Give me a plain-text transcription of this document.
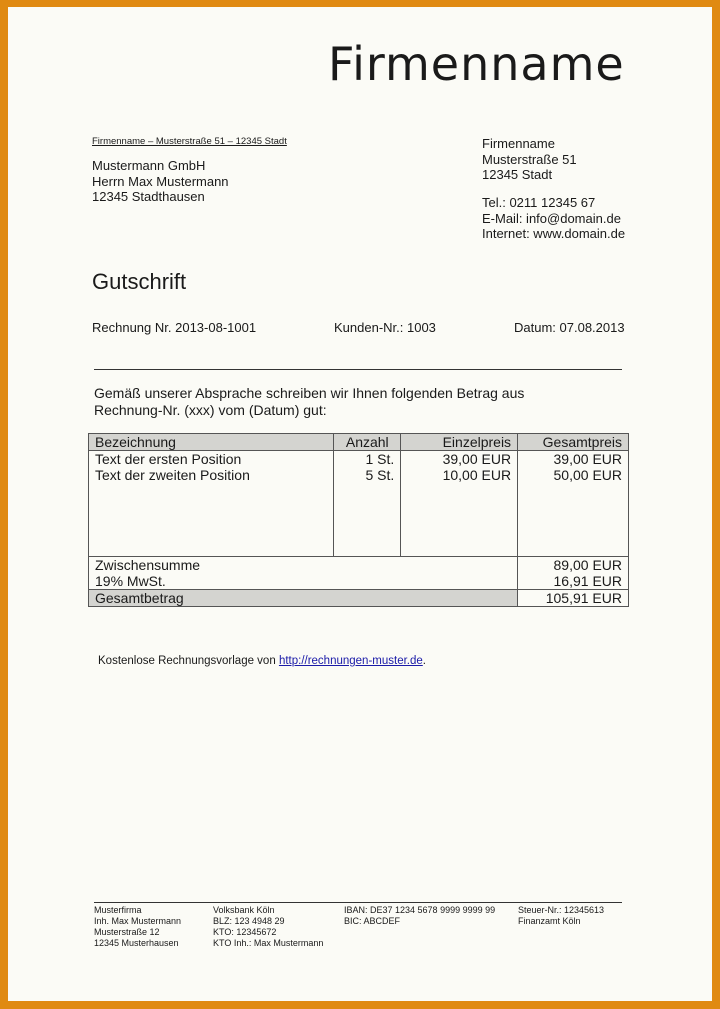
Firmenname
Firmenname – Musterstraße 51 – 12345 Stadt
Mustermann GmbH
Herrn Max Mustermann
12345 Stadthausen
Firmenname
Musterstraße 51
12345 Stadt
Tel.: 0211 12345 67
E-Mail: info@domain.de
Internet: www.domain.de
Gutschrift
Rechnung Nr. 2013-08-1001	Kunden-Nr.: 1003	Datum: 07.08.2013
Gemäß unserer Absprache schreiben wir Ihnen folgenden Betrag aus
Rechnung-Nr. (xxx) vom (Datum) gut:
Bezeichnung	Anzahl	Einzelpreis	Gesamtpreis
Text der ersten Position	1 St.	39,00 EUR	39,00 EUR
Text der zweiten Position	5 St.	10,00 EUR	50,00 EUR

Zwischensumme			89,00 EUR
19% MwSt.			16,91 EUR
Gesamtbetrag			105,91 EUR
Kostenlose Rechnungsvorlage von http://rechnungen-muster.de.
Musterfirma
Inh. Max Mustermann
Musterstraße 12
12345 Musterhausen
Volksbank Köln
BLZ: 123 4948 29
KTO: 12345672
KTO Inh.: Max Mustermann
IBAN: DE37 1234 5678 9999 9999 99
BIC: ABCDEF
Steuer-Nr.: 12345613
Finanzamt Köln
